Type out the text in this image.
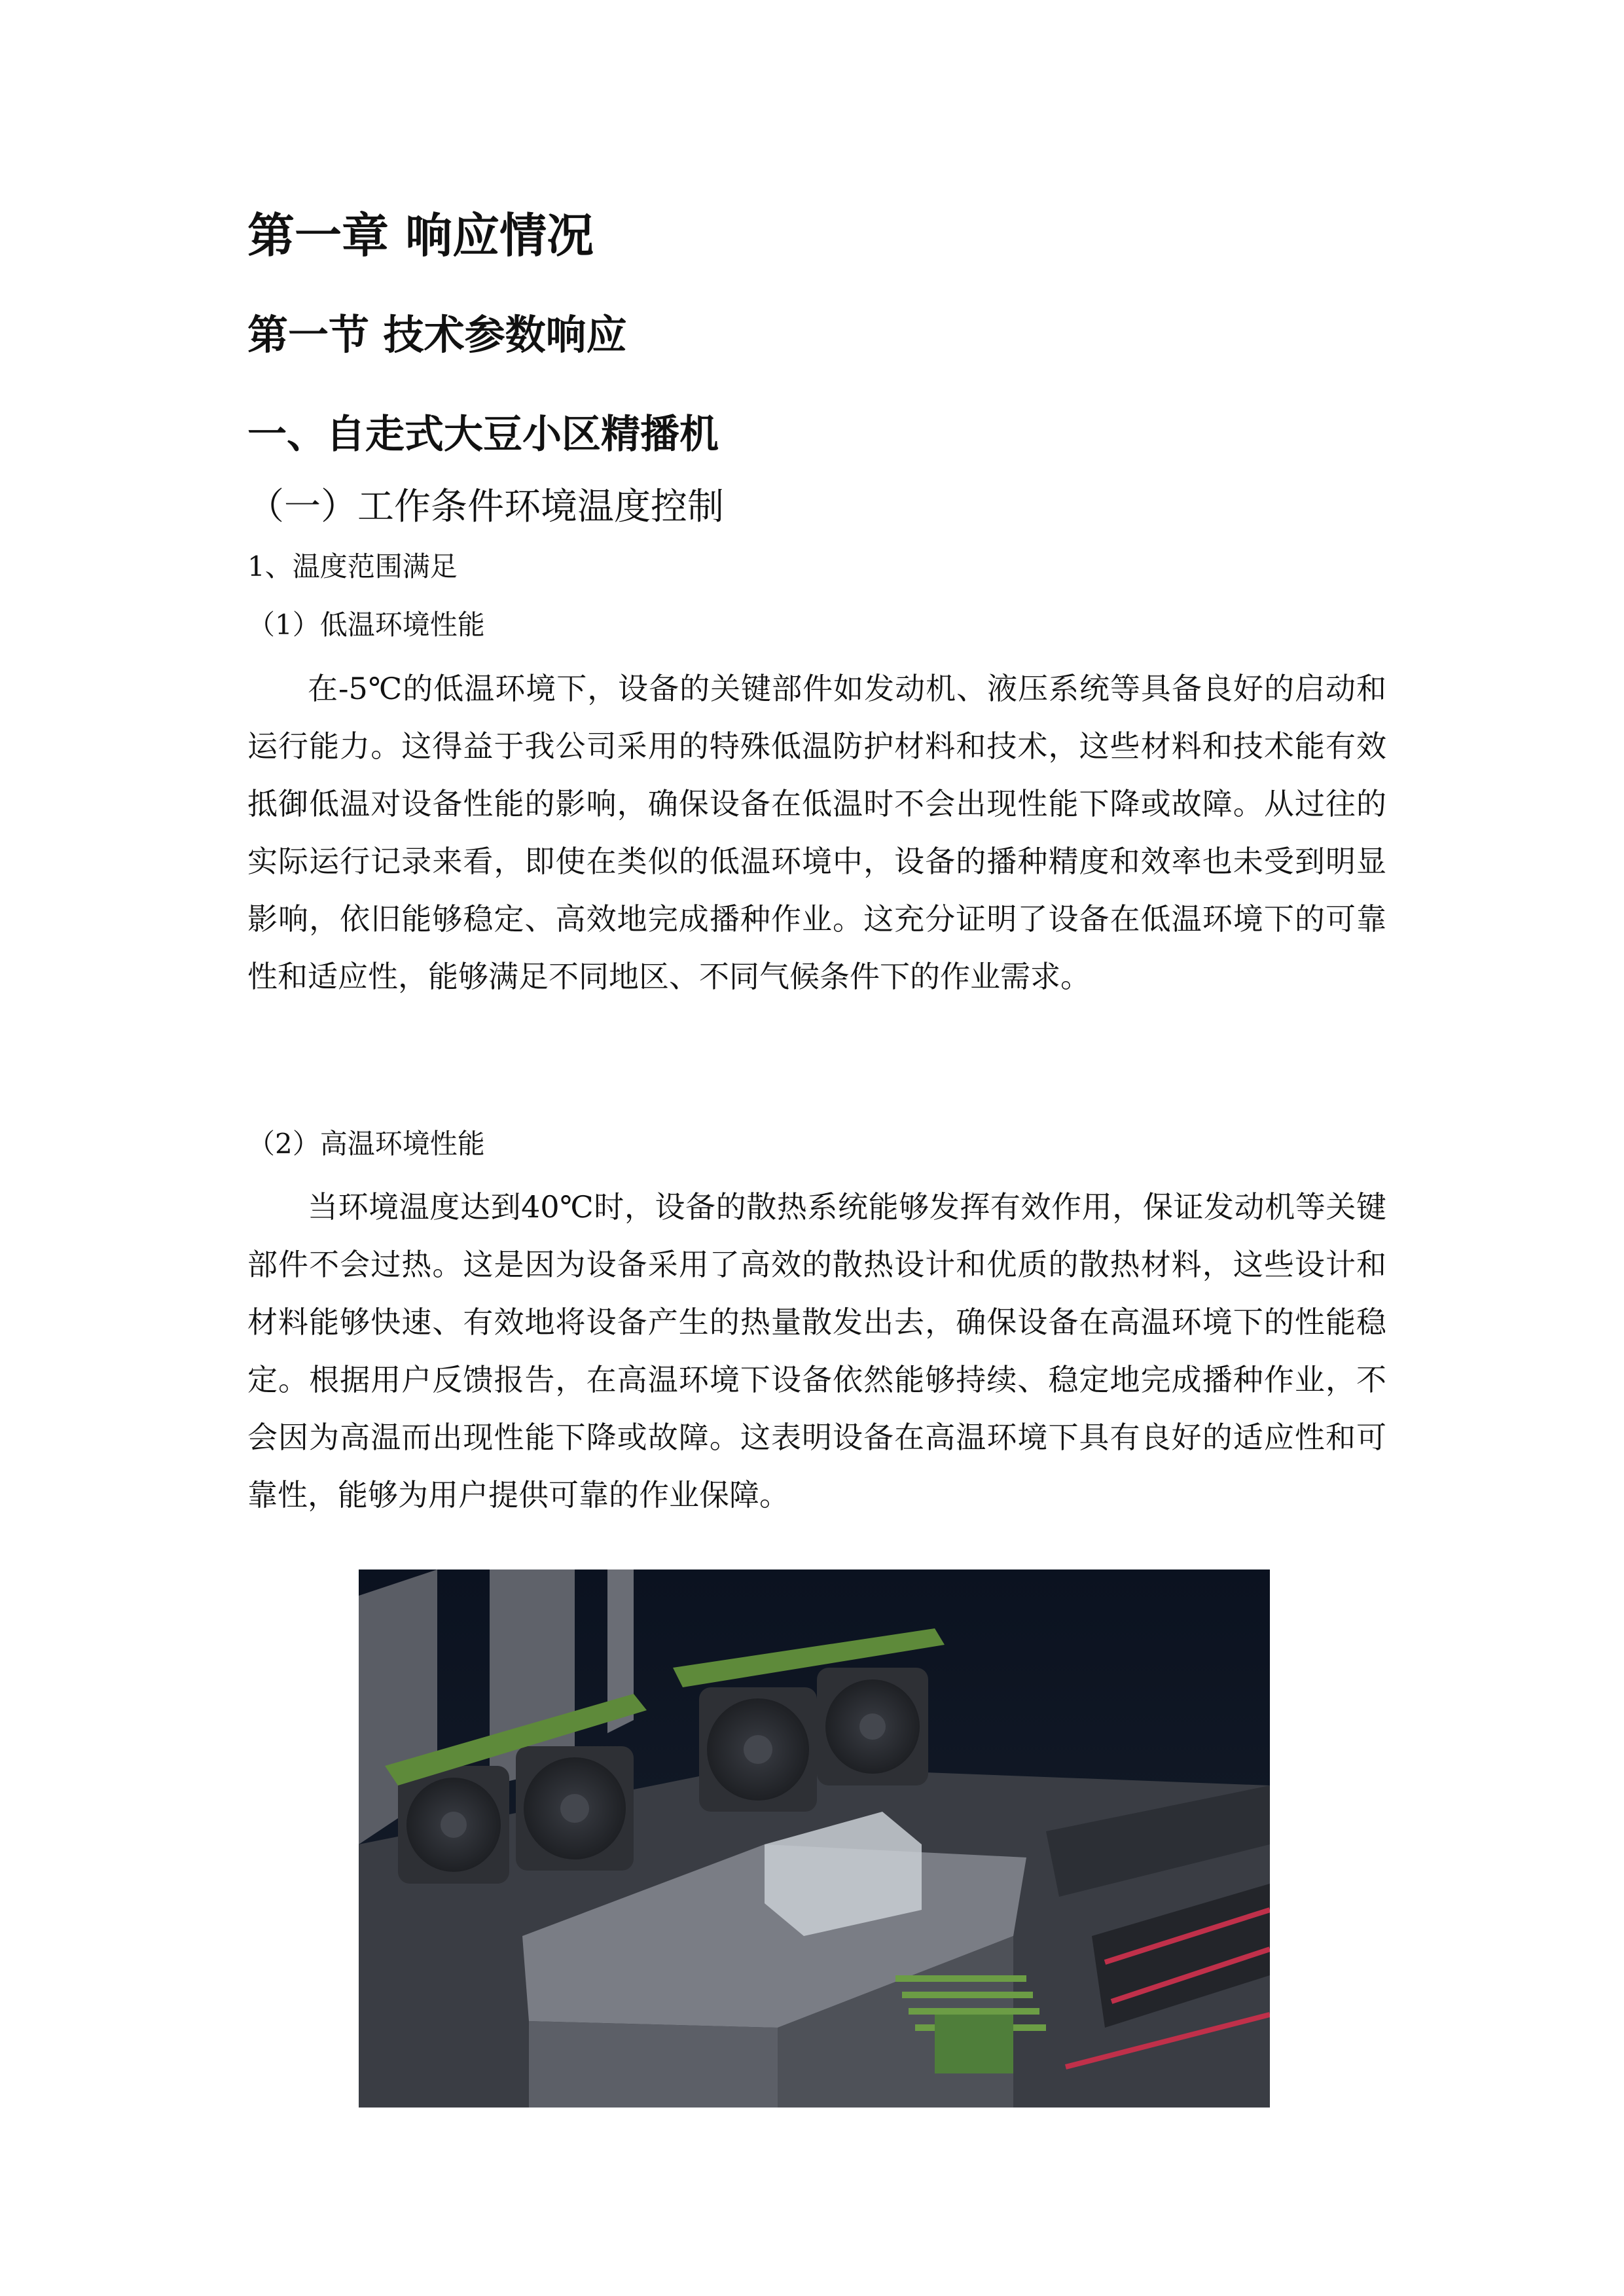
第一章 响应情况
第一节 技术参数响应
一、自走式大豆小区精播机
（一）工作条件环境温度控制
1、温度范围满足
（1）低温环境性能

在-5℃的低温环境下，设备的关键部件如发动机、液压系统等具备良好的启动和运行能力。这得益于我公司采用的特殊低温防护材料和技术，这些材料和技术能有效抵御低温对设备性能的影响，确保设备在低温时不会出现性能下降或故障。从过往的实际运行记录来看，即使在类似的低温环境中，设备的播种精度和效率也未受到明显影响，依旧能够稳定、高效地完成播种作业。这充分证明了设备在低温环境下的可靠性和适应性，能够满足不同地区、不同气候条件下的作业需求。

（2）高温环境性能

当环境温度达到40℃时，设备的散热系统能够发挥有效作用，保证发动机等关键部件不会过热。这是因为设备采用了高效的散热设计和优质的散热材料，这些设计和材料能够快速、有效地将设备产生的热量散发出去，确保设备在高温环境下的性能稳定。根据用户反馈报告，在高温环境下设备依然能够持续、稳定地完成播种作业，不会因为高温而出现性能下降或故障。这表明设备在高温环境下具有良好的适应性和可靠性，能够为用户提供可靠的作业保障。
